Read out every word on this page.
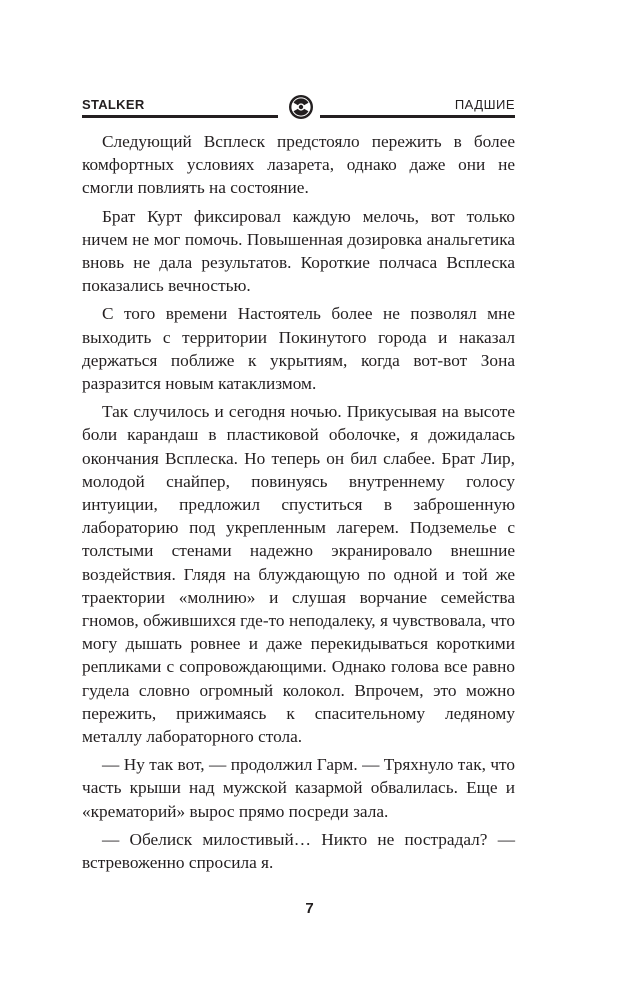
STALKER	ПАДШИЕ

Следующий Всплеск предстояло пережить в более комфортных условиях лазарета, однако даже они не смогли повлиять на состояние.

Брат Курт фиксировал каждую мелочь, вот только ничем не мог помочь. Повышенная дозировка анальгетика вновь не дала результатов. Короткие полчаса Всплеска показались вечностью.

С того времени Настоятель более не позволял мне выходить с территории Покинутого города и наказал держаться поближе к укрытиям, когда вот-вот Зона разразится новым катаклизмом.

Так случилось и сегодня ночью. Прикусывая на высоте боли карандаш в пластиковой оболочке, я дожидалась окончания Всплеска. Но теперь он бил слабее. Брат Лир, молодой снайпер, повинуясь внутреннему голосу интуиции, предложил спуститься в заброшенную лабораторию под укрепленным лагерем. Подземелье с толстыми стенами надежно экранировало внешние воздействия. Глядя на блуждающую по одной и той же траектории «молнию» и слушая ворчание семейства гномов, обжившихся где-то неподалеку, я чувствовала, что могу дышать ровнее и даже перекидываться короткими репликами с сопровождающими. Однако голова все равно гудела словно огромный колокол. Впрочем, это можно пережить, прижимаясь к спасительному ледяному металлу лабораторного стола.

— Ну так вот, — продолжил Гарм. — Тряхнуло так, что часть крыши над мужской казармой обвалилась. Еще и «крематорий» вырос прямо посреди зала.

— Обелиск милостивый… Никто не пострадал? — встревоженно спросила я.

7
